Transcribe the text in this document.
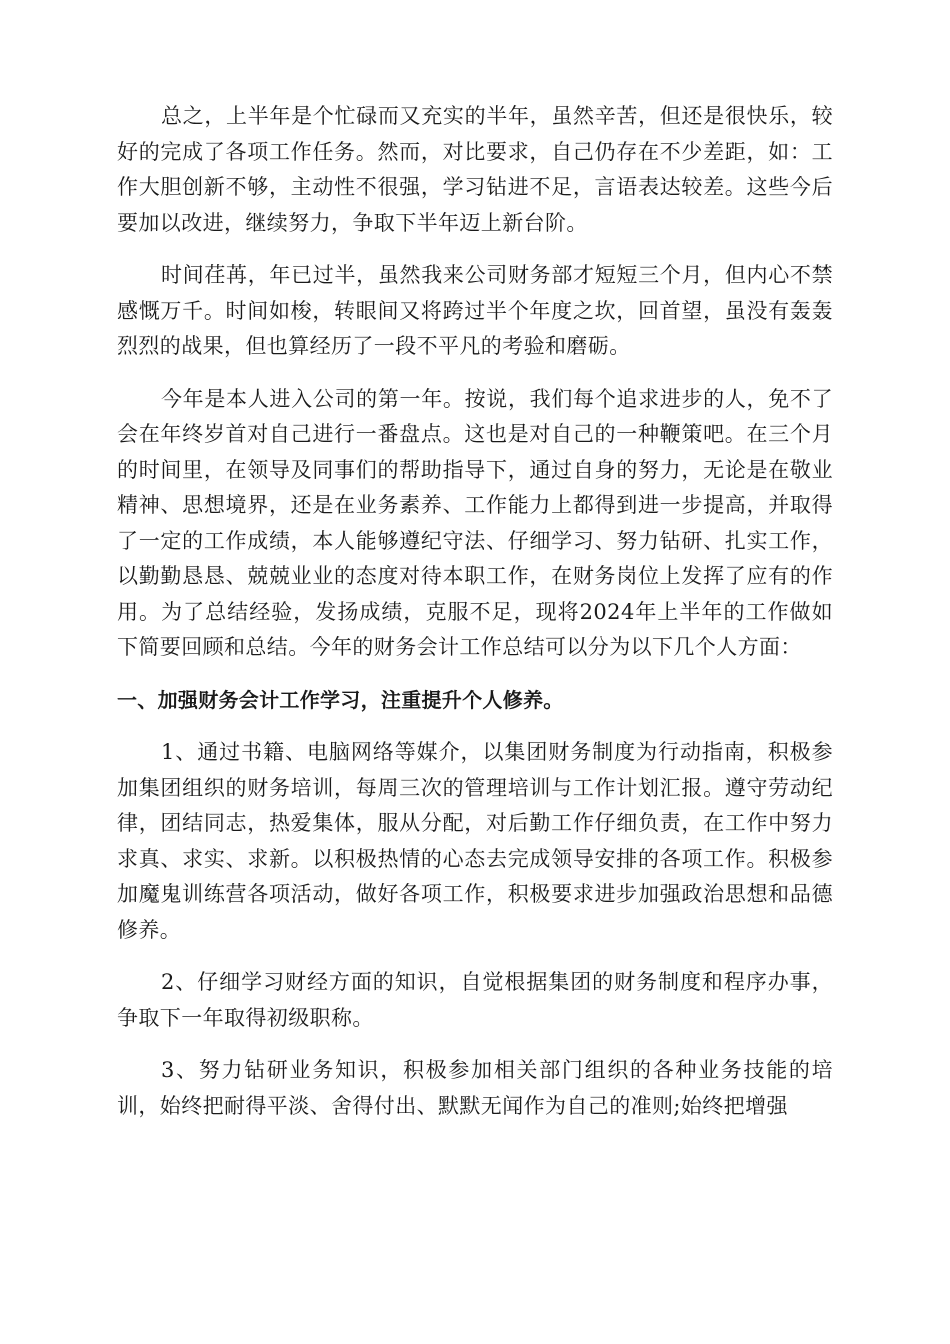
总之，上半年是个忙碌而又充实的半年，虽然辛苦，但还是很快乐，较好的完成了各项工作任务。然而，对比要求，自己仍存在不少差距，如：工作大胆创新不够，主动性不很强，学习钻进不足，言语表达较差。这些今后要加以改进，继续努力，争取下半年迈上新台阶。

时间荏苒，年已过半，虽然我来公司财务部才短短三个月，但内心不禁感慨万千。时间如梭，转眼间又将跨过半个年度之坎，回首望，虽没有轰轰烈烈的战果，但也算经历了一段不平凡的考验和磨砺。

今年是本人进入公司的第一年。按说，我们每个追求进步的人，免不了会在年终岁首对自己进行一番盘点。这也是对自己的一种鞭策吧。在三个月的时间里，在领导及同事们的帮助指导下，通过自身的努力，无论是在敬业精神、思想境界，还是在业务素养、工作能力上都得到进一步提高，并取得了一定的工作成绩，本人能够遵纪守法、仔细学习、努力钻研、扎实工作，以勤勤恳恳、兢兢业业的态度对待本职工作，在财务岗位上发挥了应有的作用。为了总结经验，发扬成绩，克服不足，现将2024年上半年的工作做如下简要回顾和总结。今年的财务会计工作总结可以分为以下几个人方面：

一、加强财务会计工作学习，注重提升个人修养。

1、通过书籍、电脑网络等媒介，以集团财务制度为行动指南，积极参加集团组织的财务培训，每周三次的管理培训与工作计划汇报。遵守劳动纪律，团结同志，热爱集体，服从分配，对后勤工作仔细负责，在工作中努力求真、求实、求新。以积极热情的心态去完成领导安排的各项工作。积极参加魔鬼训练营各项活动，做好各项工作，积极要求进步加强政治思想和品德修养。

2、仔细学习财经方面的知识，自觉根据集团的财务制度和程序办事，争取下一年取得初级职称。

3、努力钻研业务知识，积极参加相关部门组织的各种业务技能的培训，始终把耐得平淡、舍得付出、默默无闻作为自己的准则;始终把增强
